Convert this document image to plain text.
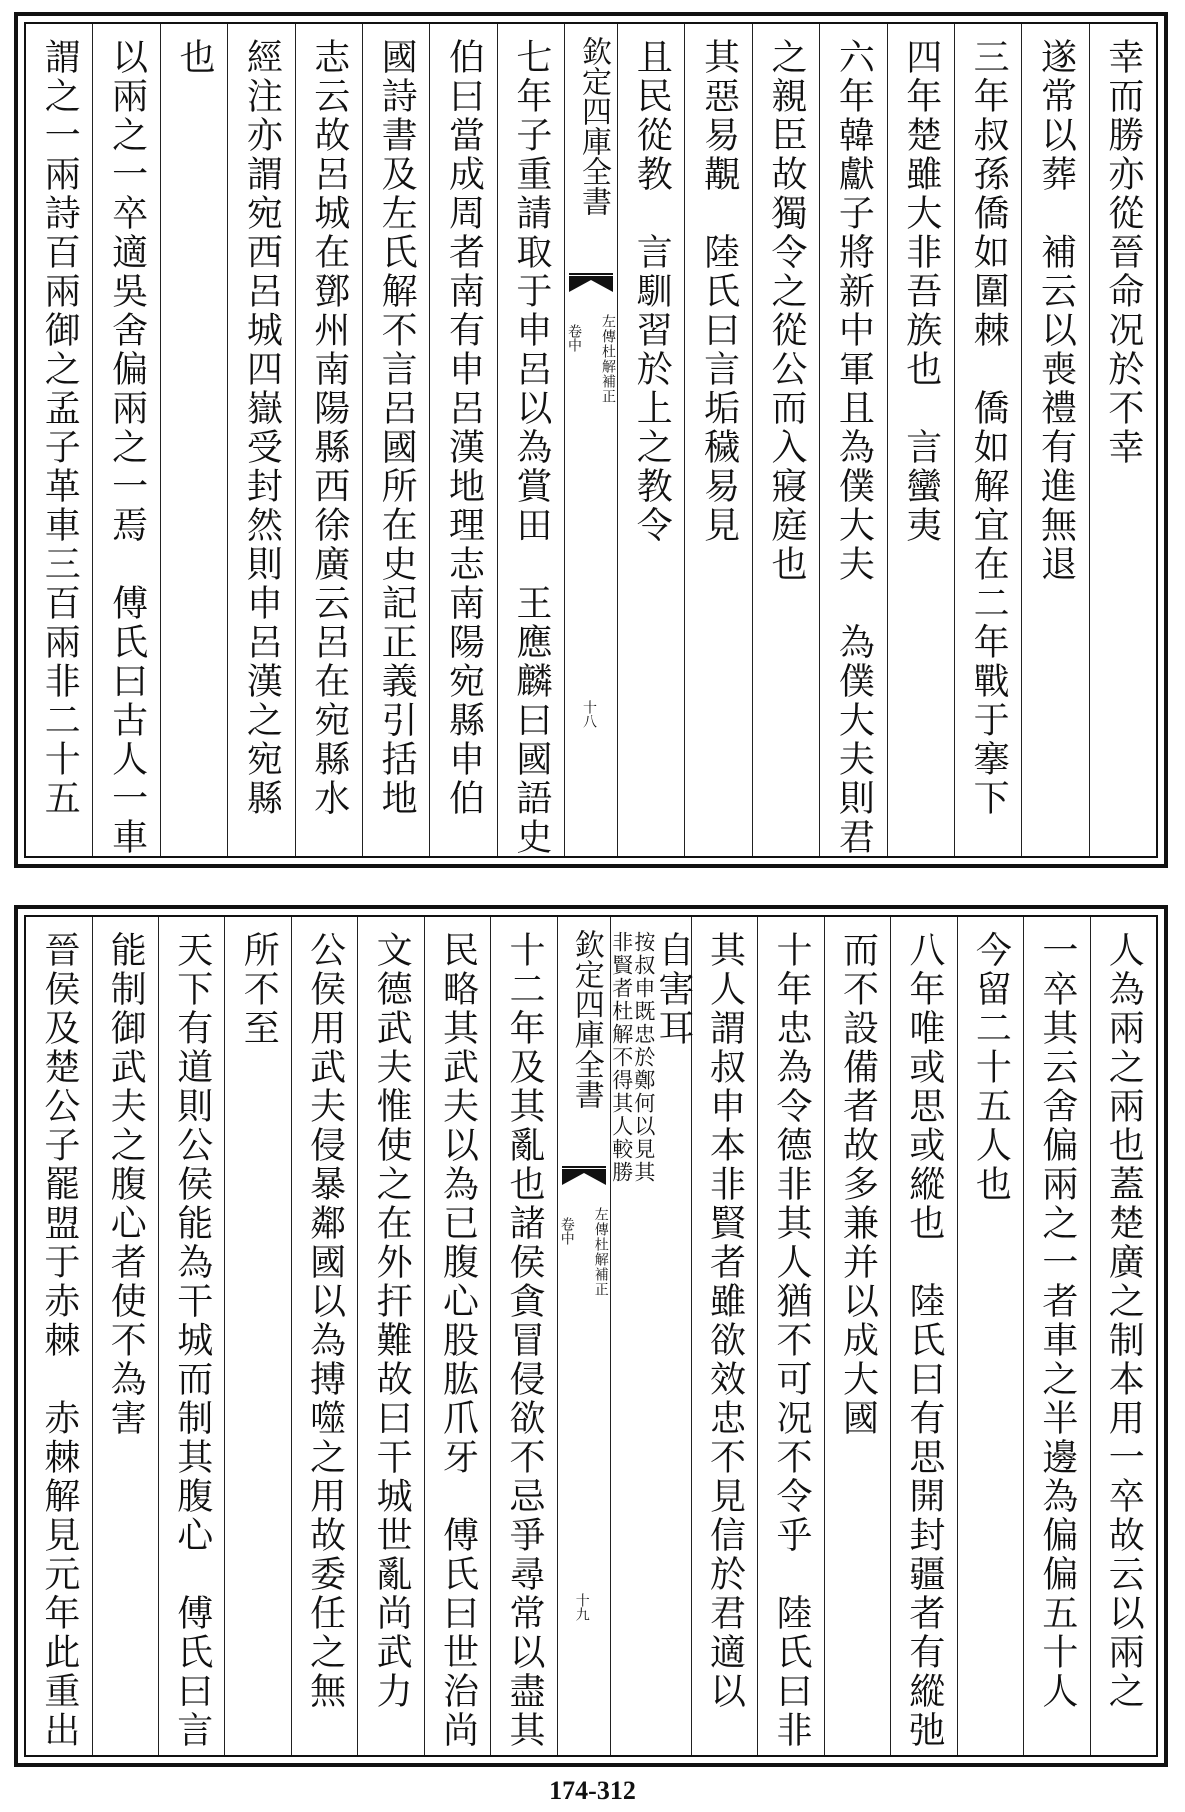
幸而勝亦從晉命况於不幸
遂常以葬　補云以喪禮有進無退
三年叔孫僑如圍棘　僑如解宜在二年戰于搴下
四年楚雖大非吾族也　言蠻夷
六年韓獻子將新中軍且為僕大夫　為僕大夫則君
之親臣故獨令之從公而入寢庭也
其惡易覯　陸氏曰言垢穢易見
且民從教　言馴習於上之教令
欽定四庫全書
左傳杜解補正
卷中
十八
七年子重請取于申呂以為賞田　王應麟曰國語史
伯曰當成周者南有申呂漢地理志南陽宛縣申伯
國詩書及左氏解不言呂國所在史記正義引括地
志云故呂城在鄧州南陽縣西徐廣云呂在宛縣水
經注亦謂宛西呂城四嶽受封然則申呂漢之宛縣
也
以兩之一卒適吳舍偏兩之一焉　傅氏曰古人一車
謂之一兩詩百兩御之孟子革車三百兩非二十五
人為兩之兩也蓋楚廣之制本用一卒故云以兩之
一卒其云舍偏兩之一者車之半邊為偏偏五十人
今留二十五人也
八年唯或思或縱也　陸氏曰有思開封疆者有縱弛
而不設備者故多兼并以成大國
十年忠為令德非其人猶不可况不令乎　陸氏曰非
其人謂叔申本非賢者雖欲效忠不見信於君適以
自害耳
按叔申既忠於鄭何以見其
非賢者杜解不得其人較勝
欽定四庫全書
左傳杜解補正
卷中
十九
十二年及其亂也諸侯貪冒侵欲不忌爭尋常以盡其
民略其武夫以為已腹心股肱爪牙　傅氏曰世治尚
文德武夫惟使之在外扞難故曰干城世亂尚武力
公侯用武夫侵暴鄰國以為搏噬之用故委任之無
所不至
天下有道則公侯能為干城而制其腹心　傅氏曰言
能制御武夫之腹心者使不為害
晉侯及楚公子罷盟于赤棘　赤棘解見元年此重出
174-312
